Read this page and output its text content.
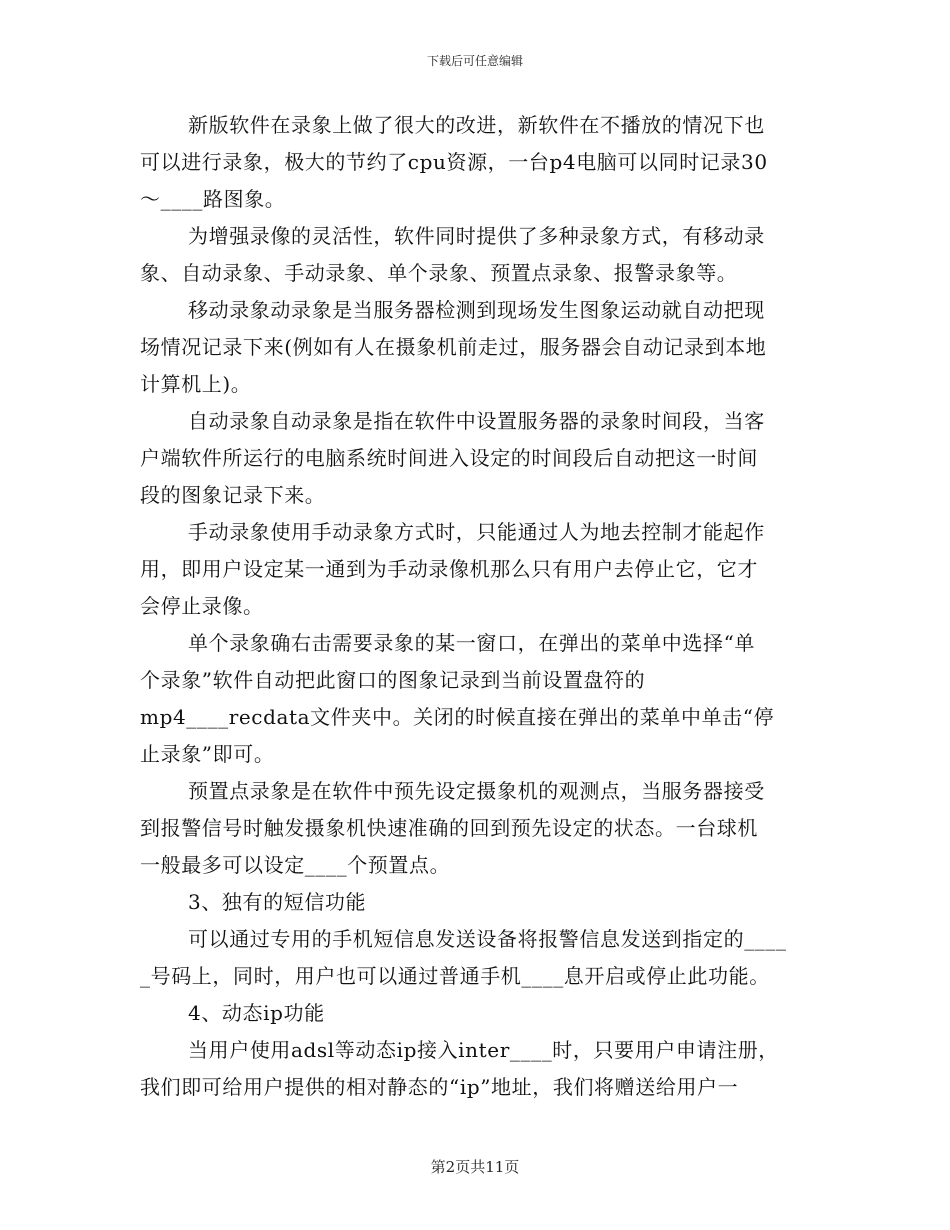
下载后可任意编辑
新版软件在录象上做了很大的改进，新软件在不播放的情况下也
可以进行录象，极大的节约了cpu资源，一台p4电脑可以同时记录30
～____路图象。
为增强录像的灵活性，软件同时提供了多种录象方式，有移动录
象、自动录象、手动录象、单个录象、预置点录象、报警录象等。
移动录象动录象是当服务器检测到现场发生图象运动就自动把现
场情况记录下来(例如有人在摄象机前走过，服务器会自动记录到本地
计算机上)。
自动录象自动录象是指在软件中设置服务器的录象时间段，当客
户端软件所运行的电脑系统时间进入设定的时间段后自动把这一时间
段的图象记录下来。
手动录象使用手动录象方式时，只能通过人为地去控制才能起作
用，即用户设定某一通到为手动录像机那么只有用户去停止它，它才
会停止录像。
单个录象确右击需要录象的某一窗口，在弹出的菜单中选择“单
个录象”软件自动把此窗口的图象记录到当前设置盘符的
mp4____recdata文件夹中。关闭的时候直接在弹出的菜单中单击“停
止录象”即可。
预置点录象是在软件中预先设定摄象机的观测点，当服务器接受
到报警信号时触发摄象机快速准确的回到预先设定的状态。一台球机
一般最多可以设定____个预置点。
3、独有的短信功能
可以通过专用的手机短信息发送设备将报警信息发送到指定的____
_号码上，同时，用户也可以通过普通手机____息开启或停止此功能。
4、动态ip功能
当用户使用adsl等动态ip接入inter____时，只要用户申请注册，
我们即可给用户提供的相对静态的“ip”地址，我们将赠送给用户一
第2页共11页
